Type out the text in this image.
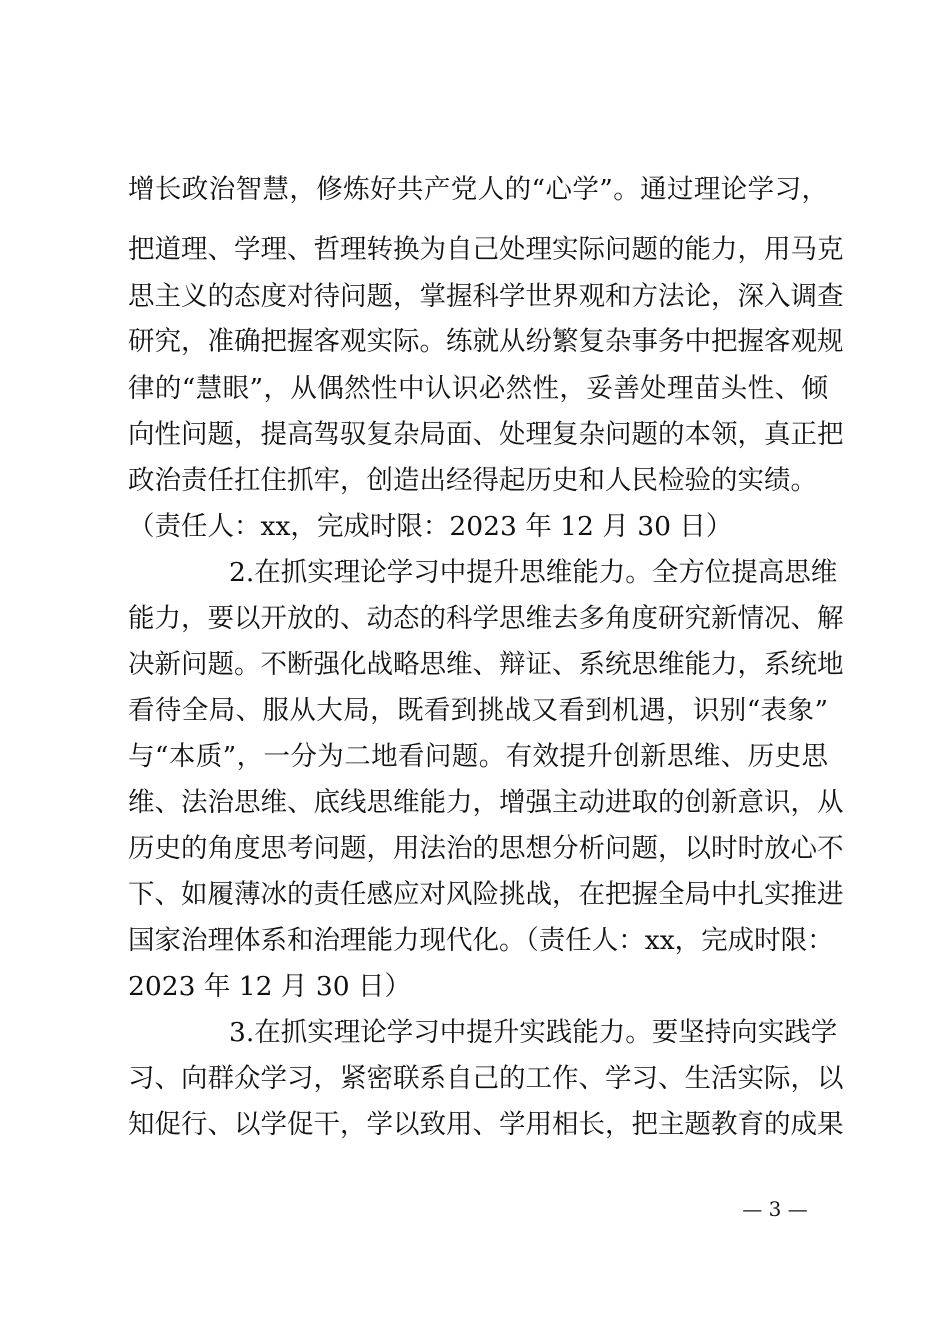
增长政治智慧，修炼好共产党人的“心学”。通过理论学习，
把道理、学理、哲理转换为自己处理实际问题的能力，用马克
思主义的态度对待问题，掌握科学世界观和方法论，深入调查
研究，准确把握客观实际。练就从纷繁复杂事务中把握客观规
律的“慧眼”，从偶然性中认识必然性，妥善处理苗头性、倾
向性问题，提高驾驭复杂局面、处理复杂问题的本领，真正把
政治责任扛住抓牢，创造出经得起历史和人民检验的实绩。
（责任人：xx，完成时限：2023 年 12 月 30 日）
2.在抓实理论学习中提升思维能力。全方位提高思维
能力，要以开放的、动态的科学思维去多角度研究新情况、解
决新问题。不断强化战略思维、辩证、系统思维能力，系统地
看待全局、服从大局，既看到挑战又看到机遇，识别“表象”
与“本质”，一分为二地看问题。有效提升创新思维、历史思
维、法治思维、底线思维能力，增强主动进取的创新意识，从
历史的角度思考问题，用法治的思想分析问题，以时时放心不
下、如履薄冰的责任感应对风险挑战，在把握全局中扎实推进
国家治理体系和治理能力现代化。（责任人：xx，完成时限：
2023 年 12 月 30 日）
3.在抓实理论学习中提升实践能力。要坚持向实践学
习、向群众学习，紧密联系自己的工作、学习、生活实际，以
知促行、以学促干，学以致用、学用相长，把主题教育的成果
— 3 —
